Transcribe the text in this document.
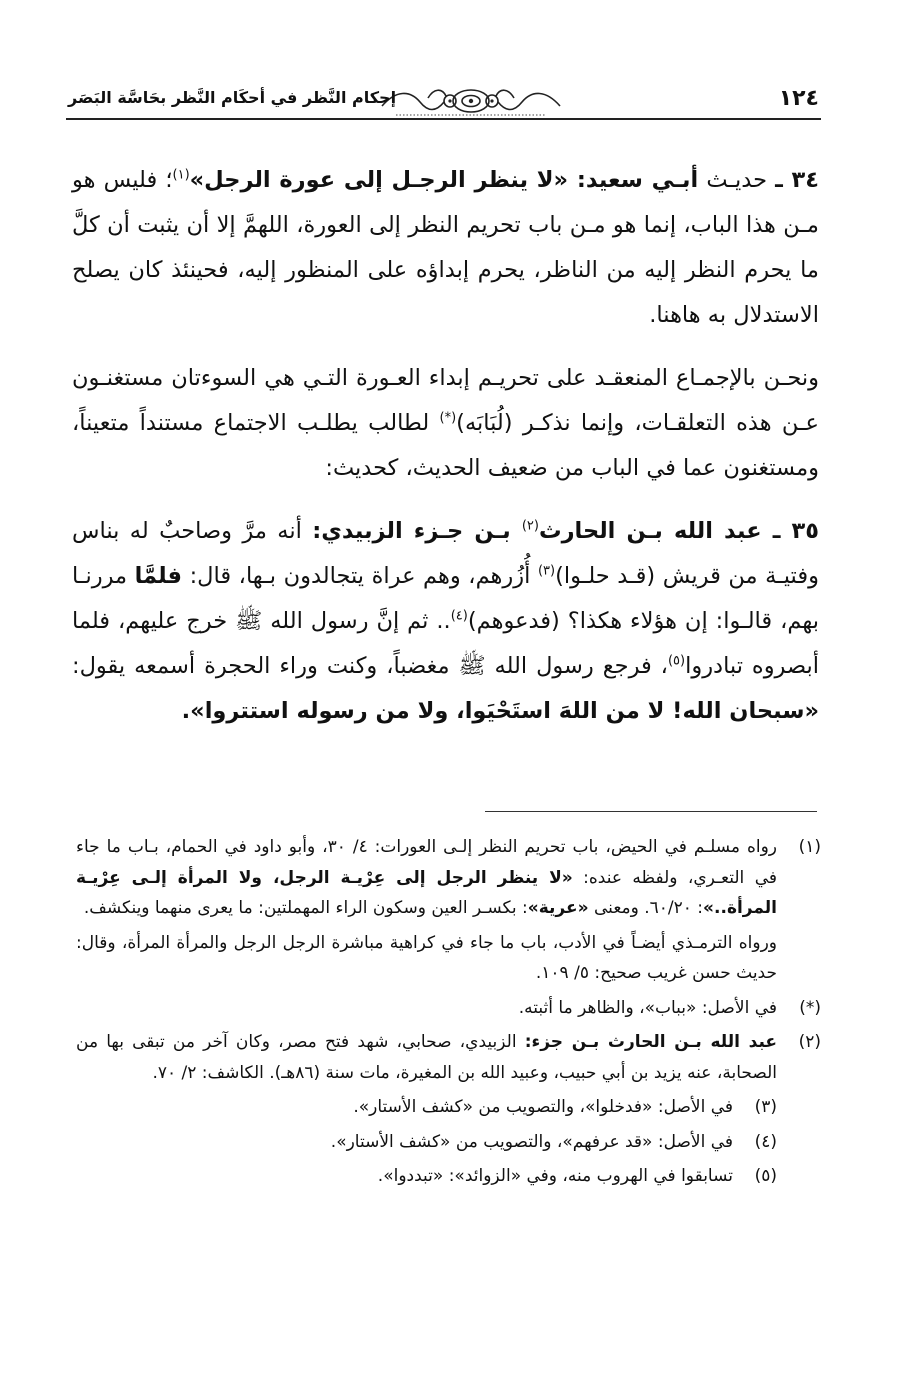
١٢٤
إحكام النَّظر في أحكَام النَّظر بحَاسَّة البَصَر

٣٤ ـ حديـث أبـي سعيد: «لا ينظر الرجـل إلى عورة الرجل»$^{(١)}$؛ فليس هو مـن هذا الباب، إنما هو مـن باب تحريم النظر إلى العورة، اللهمَّ إلا أن يثبت أن كلَّ ما يحرم النظر إليه من الناظر، يحرم إبداؤه على المنظور إليه، فحينئذ كان يصلح الاستدلال به هاهنا.

ونحـن بالإجمـاع المنعقـد على تحريـم إبداء العـورة التـي هي السوءتان مستغنـون عـن هذه التعلقـات، وإنما نذكـر (لُبَابَه)(*) لطالب يطلـب الاجتماع مستنداً متعيناً، ومستغنون عما في الباب من ضعيف الحديث، كحديث:

٣٥ ـ عبد الله بـن الحارث$^{(٢)}$ بـن جـزء الزبيدي: أنه مرَّ وصاحبٌ له بناس وفتيـة من قريش (قـد حلـوا)$^{(٣)}$ أُزُرهم، وهم عراة يتجالدون بـها، قال: فلمَّا مررنـا بهم، قالـوا: إن هؤلاء هكذا؟ (فدعوهم)$^{(٤)}$.. ثم إنَّ رسول الله ﷺ خرج عليهم، فلما أبصروه تبادروا$^{(٥)}$، فرجع رسول الله ﷺ مغضباً، وكنت وراء الحجرة أسمعه يقول: «سبحان الله! لا من اللهَ استَحْيَوا، ولا من رسوله استتروا».

(١)
رواه مسلـم في الحيض، باب تحريم النظر إلـى العورات: ٤/ ٣٠، وأبو داود في الحمام، بـاب ما جاء في التعـري، ولفظه عنده: «لا ينظر الرجل إلى عِرْيـة الرجل، ولا المرأة إلـى عِرْيـة المرأة..»: ٦٠/٢٠. ومعنى «عرية»: بكسـر العين وسكون الراء المهملتين: ما يعرى منهما وينكشف.
ورواه الترمـذي أيضـاً في الأدب، باب ما جاء في كراهية مباشرة الرجل الرجل والمرأة المرأة، وقال: حديث حسن غريب صحيح: ٥/ ١٠٩.
(*)
في الأصل: «بباب»، والظاهر ما أثبته.
(٢)
عبد الله بـن الحارث بـن جزء: الزبيدي، صحابي، شهد فتح مصر، وكان آخر من تبقى بها من الصحابة، عنه يزيد بن أبي حبيب، وعبيد الله بن المغيرة، مات سنة (٨٦هـ). الكاشف: ٢/ ٧٠.
(٣)
في الأصل: «فدخلوا»، والتصويب من «كشف الأستار».
(٤)
في الأصل: «قد عرفهم»، والتصويب من «كشف الأستار».
(٥)
تسابقوا في الهروب منه، وفي «الزوائد»: «تبددوا».
